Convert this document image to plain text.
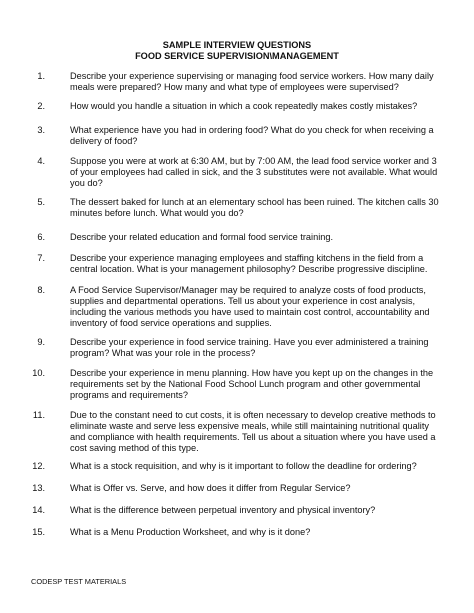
SAMPLE INTERVIEW QUESTIONS
FOOD SERVICE SUPERVISION\MANAGEMENT
1.	Describe your experience supervising or managing food service workers. How many daily
meals were prepared? How many and what type of employees were supervised?
2.	How would you handle a situation in which a cook repeatedly makes costly mistakes?
3.	What experience have you had in ordering food? What do you check for when receiving a
delivery of food?
4.	Suppose you were at work at 6:30 AM, but by 7:00 AM, the lead food service worker and 3
of your employees had called in sick, and the 3 substitutes were not available. What would
you do?
5.	The dessert baked for lunch at an elementary school has been ruined. The kitchen calls 30
minutes before lunch. What would you do?
6.	Describe your related education and formal food service training.
7.	Describe your experience managing employees and staffing kitchens in the field from a
central location. What is your management philosophy? Describe progressive discipline.
8.	A Food Service Supervisor/Manager may be required to analyze costs of food products,
supplies and departmental operations. Tell us about your experience in cost analysis,
including the various methods you have used to maintain cost control, accountability and
inventory of food service operations and supplies.
9.	Describe your experience in food service training. Have you ever administered a training
program? What was your role in the process?
10.	Describe your experience in menu planning. How have you kept up on the changes in the
requirements set by the National Food School Lunch program and other governmental
programs and requirements?
11.	Due to the constant need to cut costs, it is often necessary to develop creative methods to
eliminate waste and serve less expensive meals, while still maintaining nutritional quality
and compliance with health requirements. Tell us about a situation where you have used a
cost saving method of this type.
12.	What is a stock requisition, and why is it important to follow the deadline for ordering?
13.	What is Offer vs. Serve, and how does it differ from Regular Service?
14.	What is the difference between perpetual inventory and physical inventory?
15.	What is a Menu Production Worksheet, and why is it done?
CODESP TEST MATERIALS
